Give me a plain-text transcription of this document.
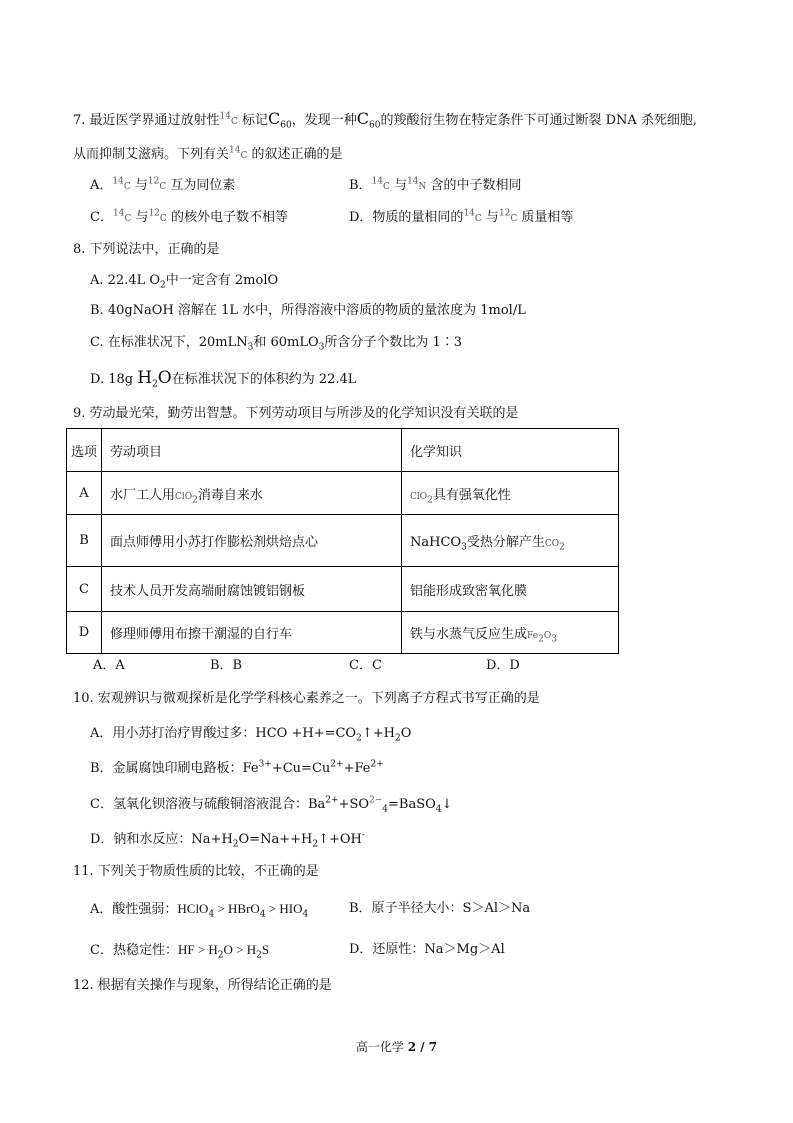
7. 最近医学界通过放射性$^{14}$C 标记$C_{60}$，发现一种$C_{60}$的羧酸衍生物在特定条件下可通过断裂 DNA 杀死细胞,
从而抑制艾滋病。下列有关$^{14}$C 的叙述正确的是
A．$^{14}$C 与$^{12}$C 互为同位素	B．$^{14}$C 与$^{14}$N 含的中子数相同
C．$^{14}$C 与$^{12}$C 的核外电子数不相等	D．物质的量相同的$^{14}$C 与$^{12}$C 质量相等
8. 下列说法中，正确的是
A. 22.4L $O_2$中一定含有 2molO
B. 40gNaOH 溶解在 1L 水中，所得溶液中溶质的物质的量浓度为 1mol/L
C. 在标准状况下，20mLN$_3$和 60mLO$_3$所含分子个数比为 1∶3
D. 18g $H_2O$在标准状况下的体积约为 22.4L
9. 劳动最光荣，勤劳出智慧。下列劳动项目与所涉及的化学知识没有关联的是
选项	劳动项目	化学知识
A	水厂工人用ClO$_2$消毒自来水	ClO$_2$具有强氧化性
B	面点师傅用小苏打作膨松剂烘焙点心	NaHCO$_3$受热分解产生$CO_2$
C	技术人员开发高端耐腐蚀镀铝钢板	铝能形成致密氧化膜
D	修理师傅用布擦干潮湿的自行车	铁与水蒸气反应生成$Fe_2O_3$
A．A	B．B	C．C	D．D
10. 宏观辨识与微观探析是化学学科核心素养之一。下列离子方程式书写正确的是
A．用小苏打治疗胃酸过多：HCO $+H+=CO_2↑+H_2O$
B．金属腐蚀印刷电路板：$Fe^{3+}+Cu=Cu^{2+}+Fe^{2+}$
C．氢氧化钡溶液与硫酸铜溶液混合：$Ba^{2+}+SO^{2-}_4=BaSO_4↓$
D．钠和水反应：$Na+H_2O=Na++H_2↑+OH^-$
11. 下列关于物质性质的比较，不正确的是
A．酸性强弱：HClO$_4$ > HBrO$_4$ > $HIO_4$	B．原子半径大小：S＞Al＞Na
C．热稳定性：HF > $H_2O > H_2S$	D．还原性：Na＞Mg＞Al
12. 根据有关操作与现象，所得结论正确的是
高一化学 2 / 7
